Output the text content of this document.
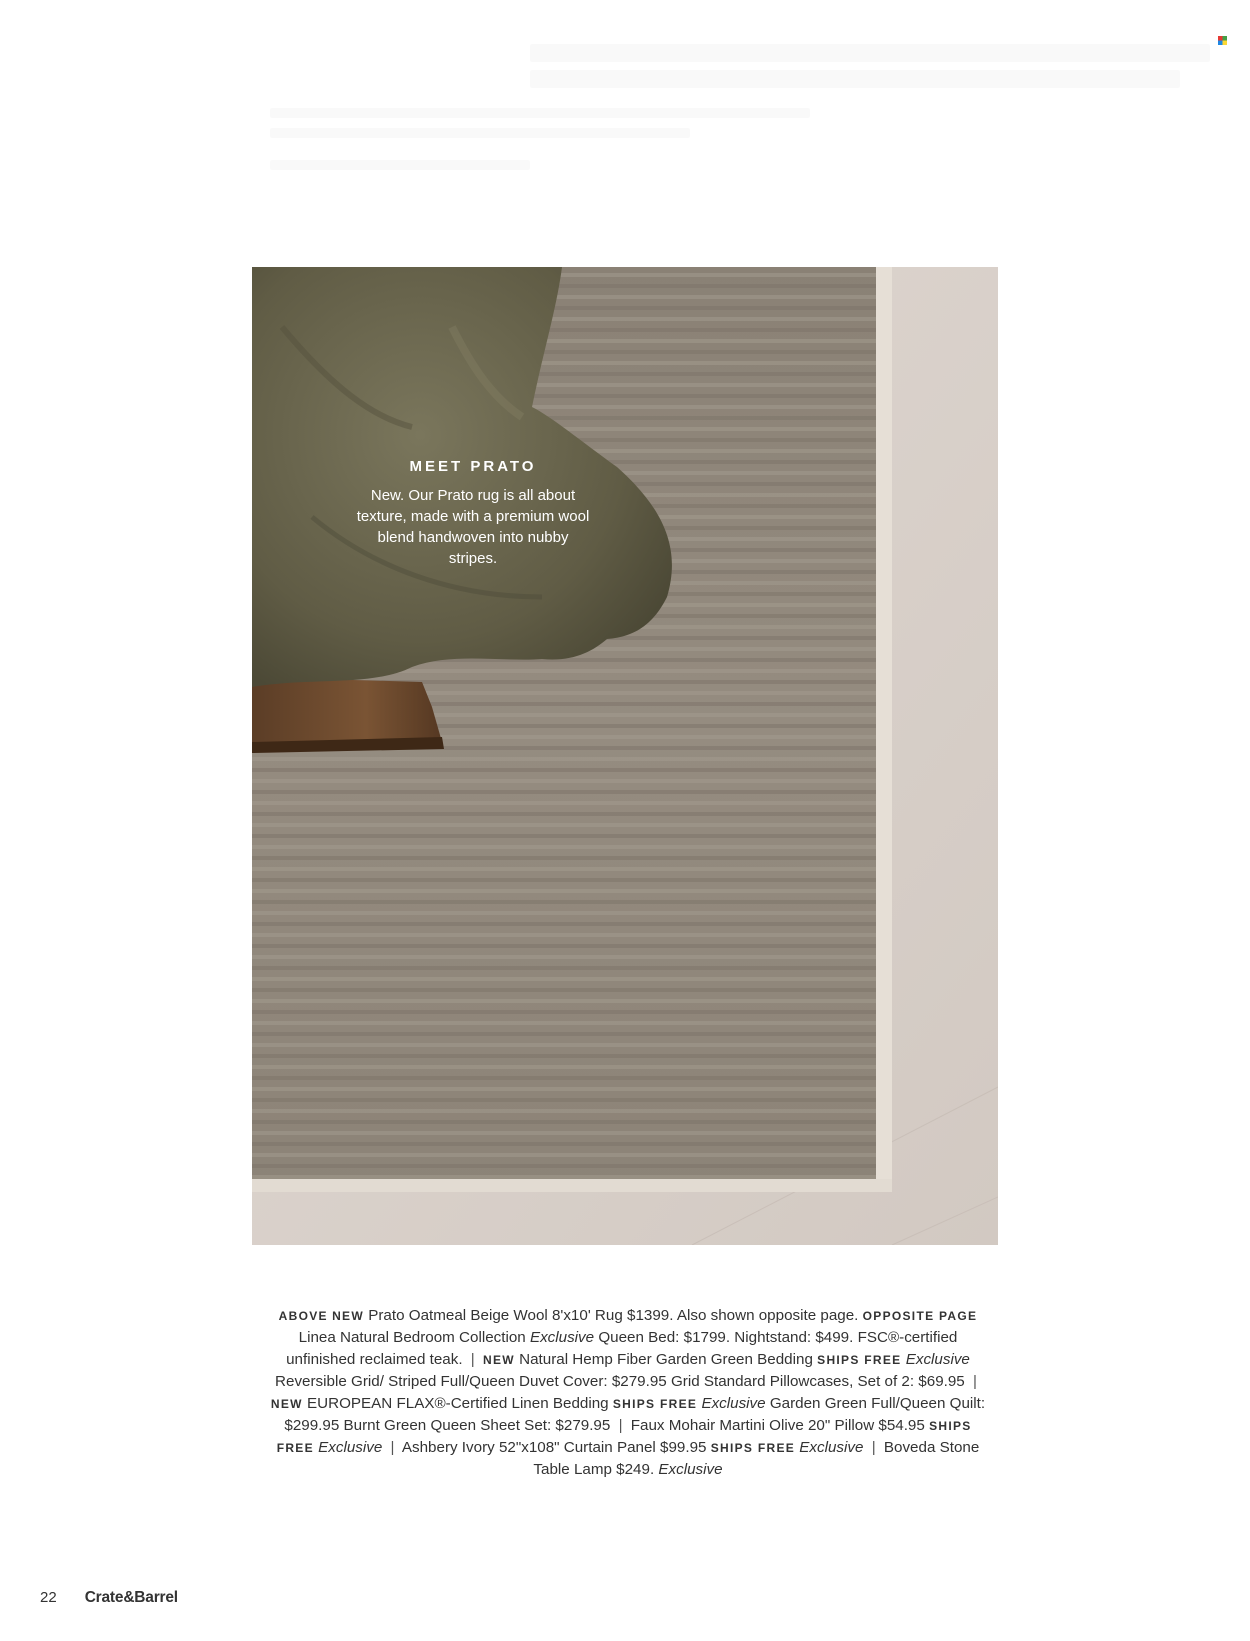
MEET PRATO
New. Our Prato rug is all about texture, made with a premium wool blend handwoven into nubby stripes.
ABOVE NEW Prato Oatmeal Beige Wool 8'x10' Rug $1399. Also shown opposite page. OPPOSITE PAGE Linea Natural Bedroom Collection Exclusive Queen Bed: $1799. Nightstand: $499. FSC®-certified unfinished reclaimed teak. | NEW Natural Hemp Fiber Garden Green Bedding SHIPS FREE Exclusive Reversible Grid/ Striped Full/Queen Duvet Cover: $279.95 Grid Standard Pillowcases, Set of 2: $69.95 | NEW EUROPEAN FLAX®-Certified Linen Bedding SHIPS FREE Exclusive Garden Green Full/Queen Quilt: $299.95 Burnt Green Queen Sheet Set: $279.95 | Faux Mohair Martini Olive 20" Pillow $54.95 SHIPS FREE Exclusive | Ashbery Ivory 52"x108" Curtain Panel $99.95 SHIPS FREE Exclusive | Boveda Stone Table Lamp $249. Exclusive
22 Crate&Barrel
